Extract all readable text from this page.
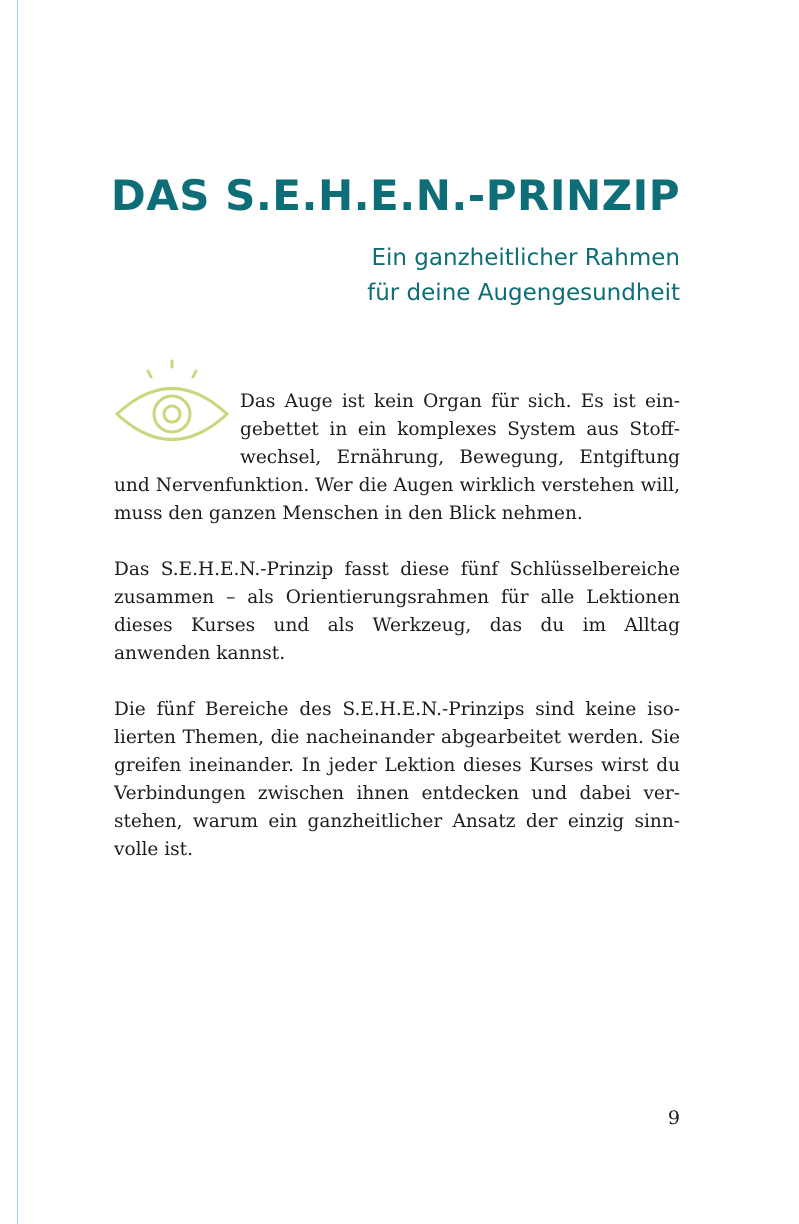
DAS S.E.H.E.N.-PRINZIP
Ein ganzheitlicher Rahmen
für deine Augengesundheit

Das Auge ist kein Organ für sich. Es ist eingebettet in ein komplexes System aus Stoffwechsel, Ernährung, Bewegung, Entgiftung und Nervenfunktion. Wer die Augen wirklich verstehen will, muss den ganzen Menschen in den Blick nehmen.

Das S.E.H.E.N.-Prinzip fasst diese fünf Schlüsselbereiche zusammen – als Orientierungsrahmen für alle Lektionen dieses Kurses und als Werkzeug, das du im Alltag anwenden kannst.

Die fünf Bereiche des S.E.H.E.N.-Prinzips sind keine isolierten Themen, die nacheinander abgearbeitet werden. Sie greifen ineinander. In jeder Lektion dieses Kurses wirst du Verbindungen zwischen ihnen entdecken und dabei verstehen, warum ein ganzheitlicher Ansatz der einzig sinnvolle ist.

9
